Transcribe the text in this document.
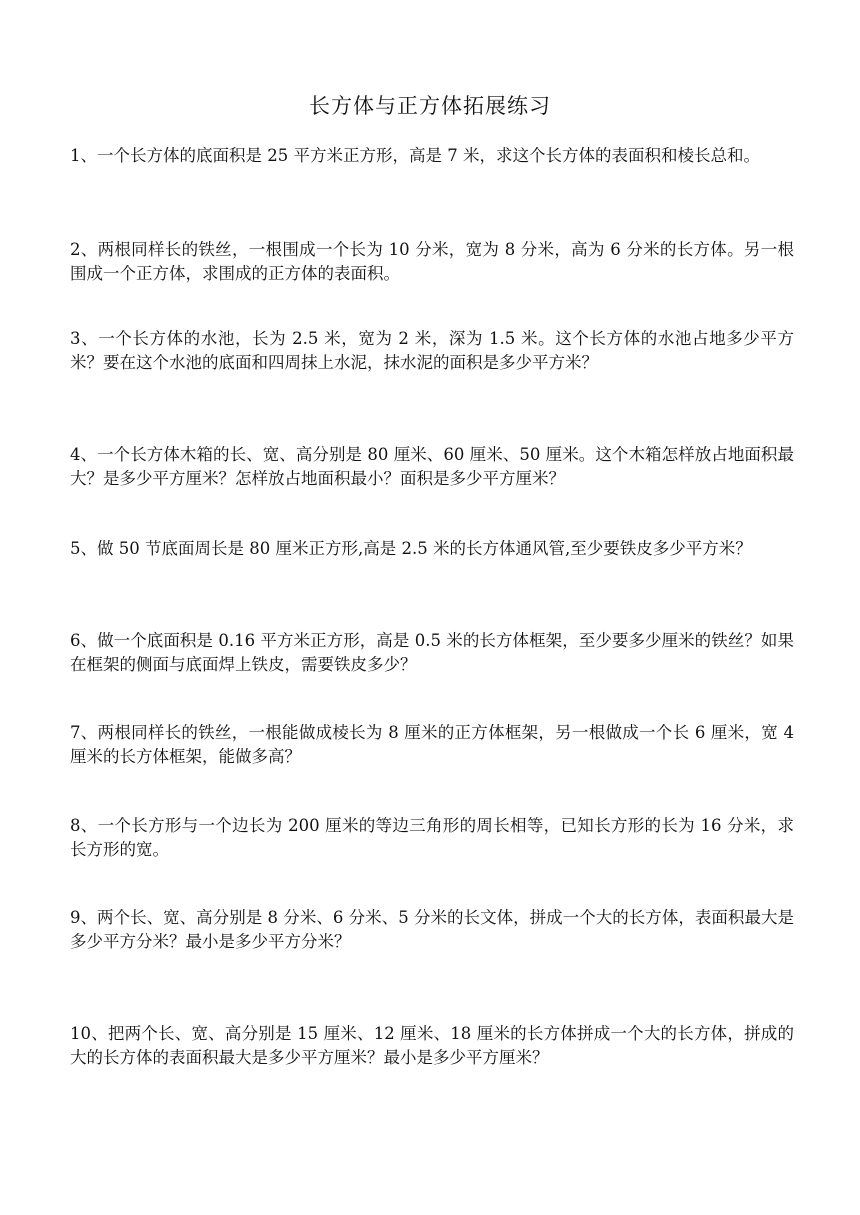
长方体与正方体拓展练习

1、一个长方体的底面积是 25 平方米正方形，高是 7 米，求这个长方体的表面积和棱长总和。

2、两根同样长的铁丝，一根围成一个长为 10 分米，宽为 8 分米，高为 6 分米的长方体。另一根围成一个正方体，求围成的正方体的表面积。

3、一个长方体的水池，长为 2.5 米，宽为 2 米，深为 1.5 米。这个长方体的水池占地多少平方米？要在这个水池的底面和四周抹上水泥，抹水泥的面积是多少平方米？

4、一个长方体木箱的长、宽、高分别是 80 厘米、60 厘米、50 厘米。这个木箱怎样放占地面积最大？是多少平方厘米？怎样放占地面积最小？面积是多少平方厘米？

5、做 50 节底面周长是 80 厘米正方形,高是 2.5 米的长方体通风管,至少要铁皮多少平方米？

6、做一个底面积是 0.16 平方米正方形，高是 0.5 米的长方体框架，至少要多少厘米的铁丝？如果在框架的侧面与底面焊上铁皮，需要铁皮多少？

7、两根同样长的铁丝，一根能做成棱长为 8 厘米的正方体框架，另一根做成一个长 6 厘米，宽 4 厘米的长方体框架，能做多高？

8、一个长方形与一个边长为 200 厘米的等边三角形的周长相等，已知长方形的长为 16 分米，求长方形的宽。

9、两个长、宽、高分别是 8 分米、6 分米、5 分米的长文体，拼成一个大的长方体，表面积最大是多少平方分米？最小是多少平方分米？

10、把两个长、宽、高分别是 15 厘米、12 厘米、18 厘米的长方体拼成一个大的长方体，拼成的大的长方体的表面积最大是多少平方厘米？最小是多少平方厘米？
